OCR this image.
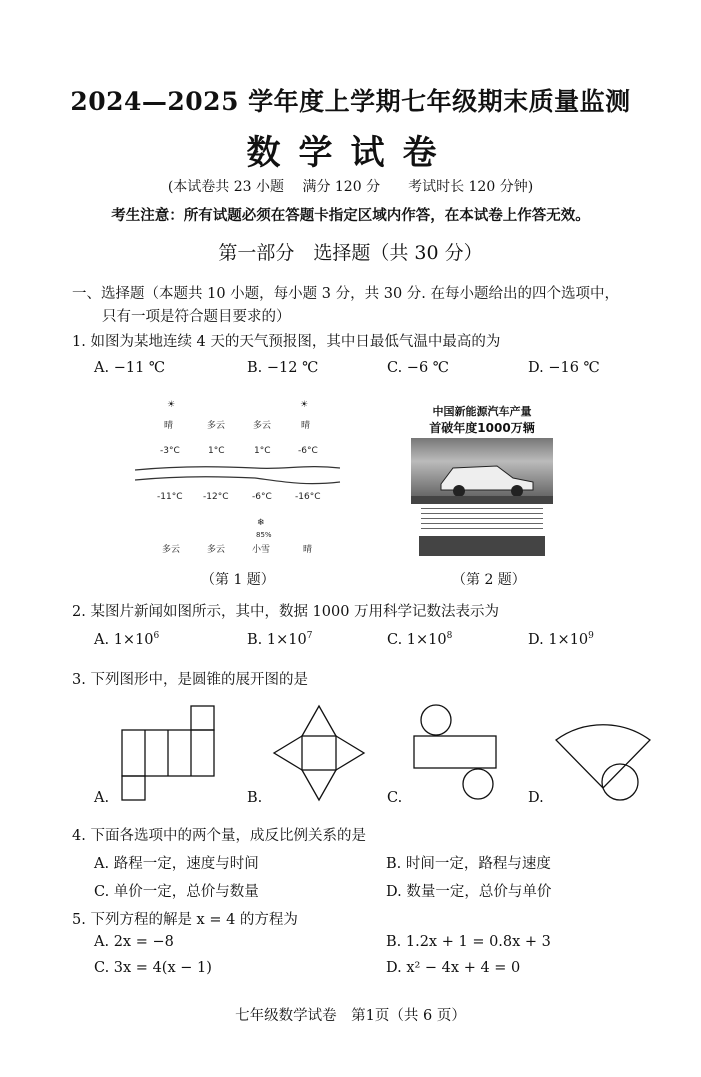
2024—2025 学年度上学期七年级期末质量监测
数学试卷
(本试卷共 23 小题　 满分 120 分　　考试时长 120 分钟)
考生注意：所有试题必须在答题卡指定区域内作答，在本试卷上作答无效。
第一部分　选择题（共 30 分）
一、选择题（本题共 10 小题，每小题 3 分，共 30 分. 在每小题给出的四个选项中，
只有一项是符合题目要求的）
1. 如图为某地连续 4 天的天气预报图，其中日最低气温中最高的为
A. −11 ℃	B. −12 ℃	C. −6 ℃	D. −16 ℃
☀	☀
晴	多云	多云	晴
-3°C	1°C	1°C	-6°C
-11°C -12°C	-6°C	-16°C
❄
85%
多云	多云	小雪	晴
中国新能源汽车产量
首破年度1000万辆
（第 1 题）	（第 2 题）
2. 某图片新闻如图所示，其中，数据 1000 万用科学记数法表示为
A. $1\times 10^6$	B. $1\times 10^7$	C. $1\times 10^8$	D. $1\times 10^9$
3. 下列图形中，是圆锥的展开图的是
A.	B.	C.	D.
4. 下面各选项中的两个量，成反比例关系的是
A. 路程一定，速度与时间	B. 时间一定，路程与速度
C. 单价一定，总价与数量	D. 数量一定，总价与单价
5. 下列方程的解是 x = 4 的方程为
A. 2x = −8	B. 1.2x + 1 = 0.8x + 3
C. 3x = 4(x − 1)	D. x² − 4x + 4 = 0
七年级数学试卷　第1页（共 6 页）
